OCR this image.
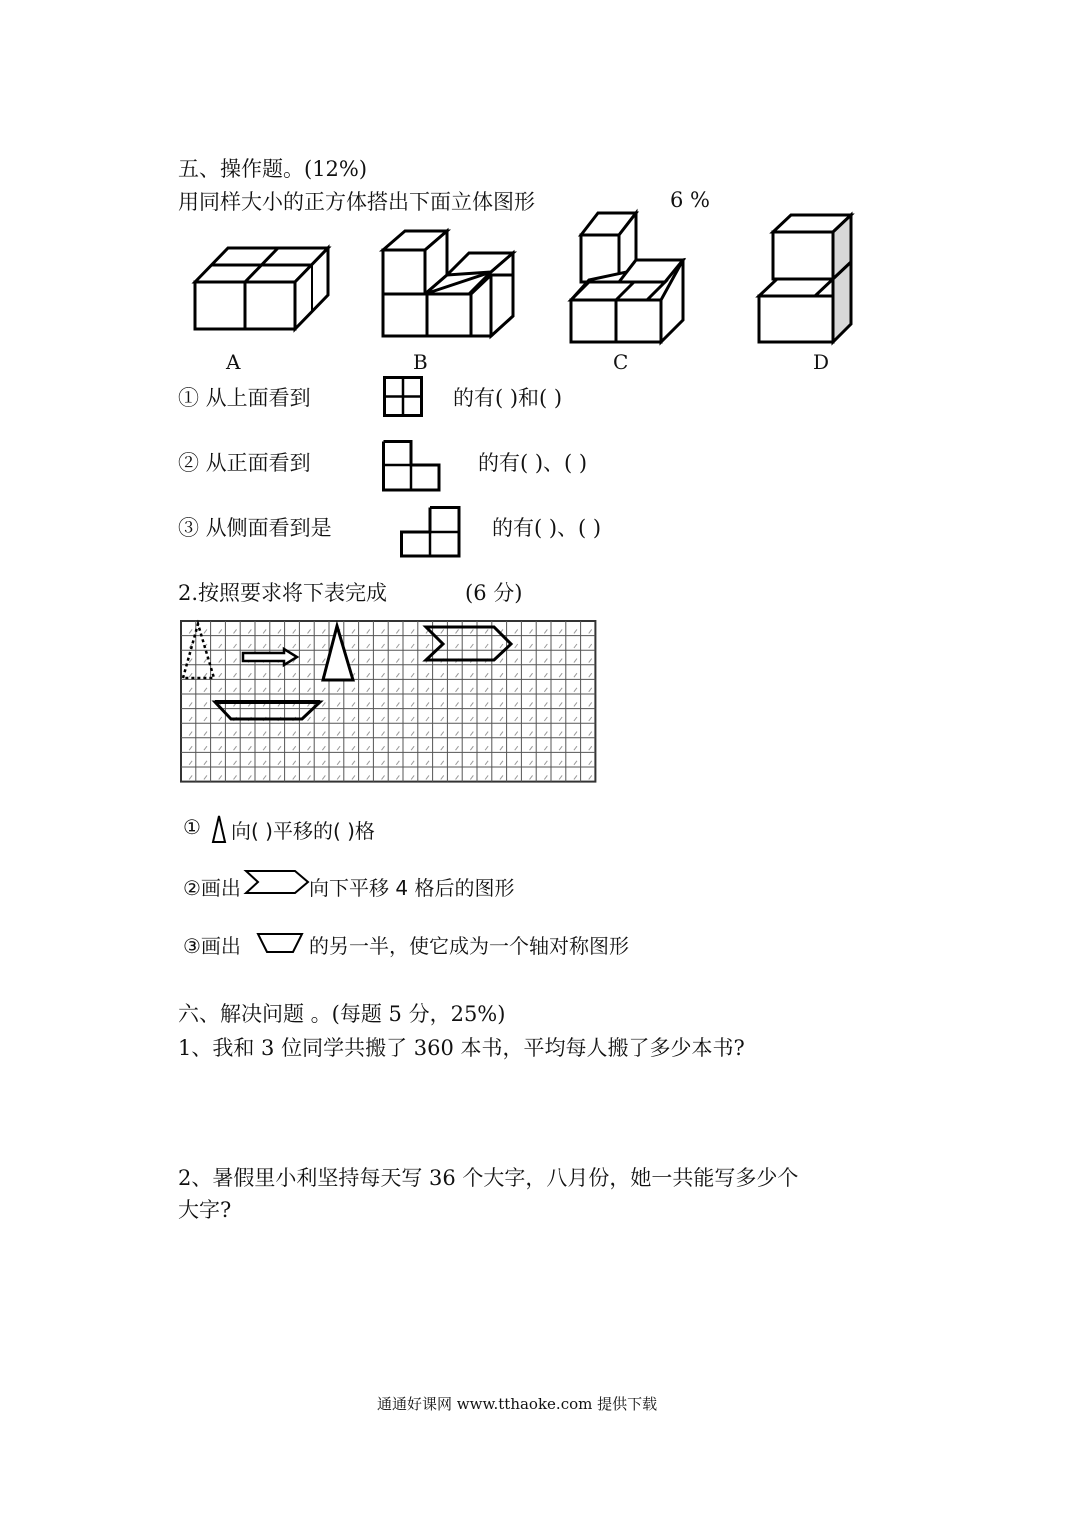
五、操作题。(12%)
用同样大小的正方体搭出下面立体图形	6 %
A	B	C	D
① 从上面看到	的有( )和( )
② 从正面看到	的有( )、( )
③ 从侧面看到是	的有( )、( )
2.按照要求将下表完成	(6 分)
① 向( )平移的( )格
②画出	向下平移 4 格后的图形
③画出	的另一半，使它成为一个轴对称图形
六、解决问题 。(每题 5 分，25%)
1、我和 3 位同学共搬了 360 本书，平均每人搬了多少本书?
2、暑假里小利坚持每天写 36 个大字，八月份，她一共能写多少个
大字?
通通好课网 www.tthaoke.com 提供下载
